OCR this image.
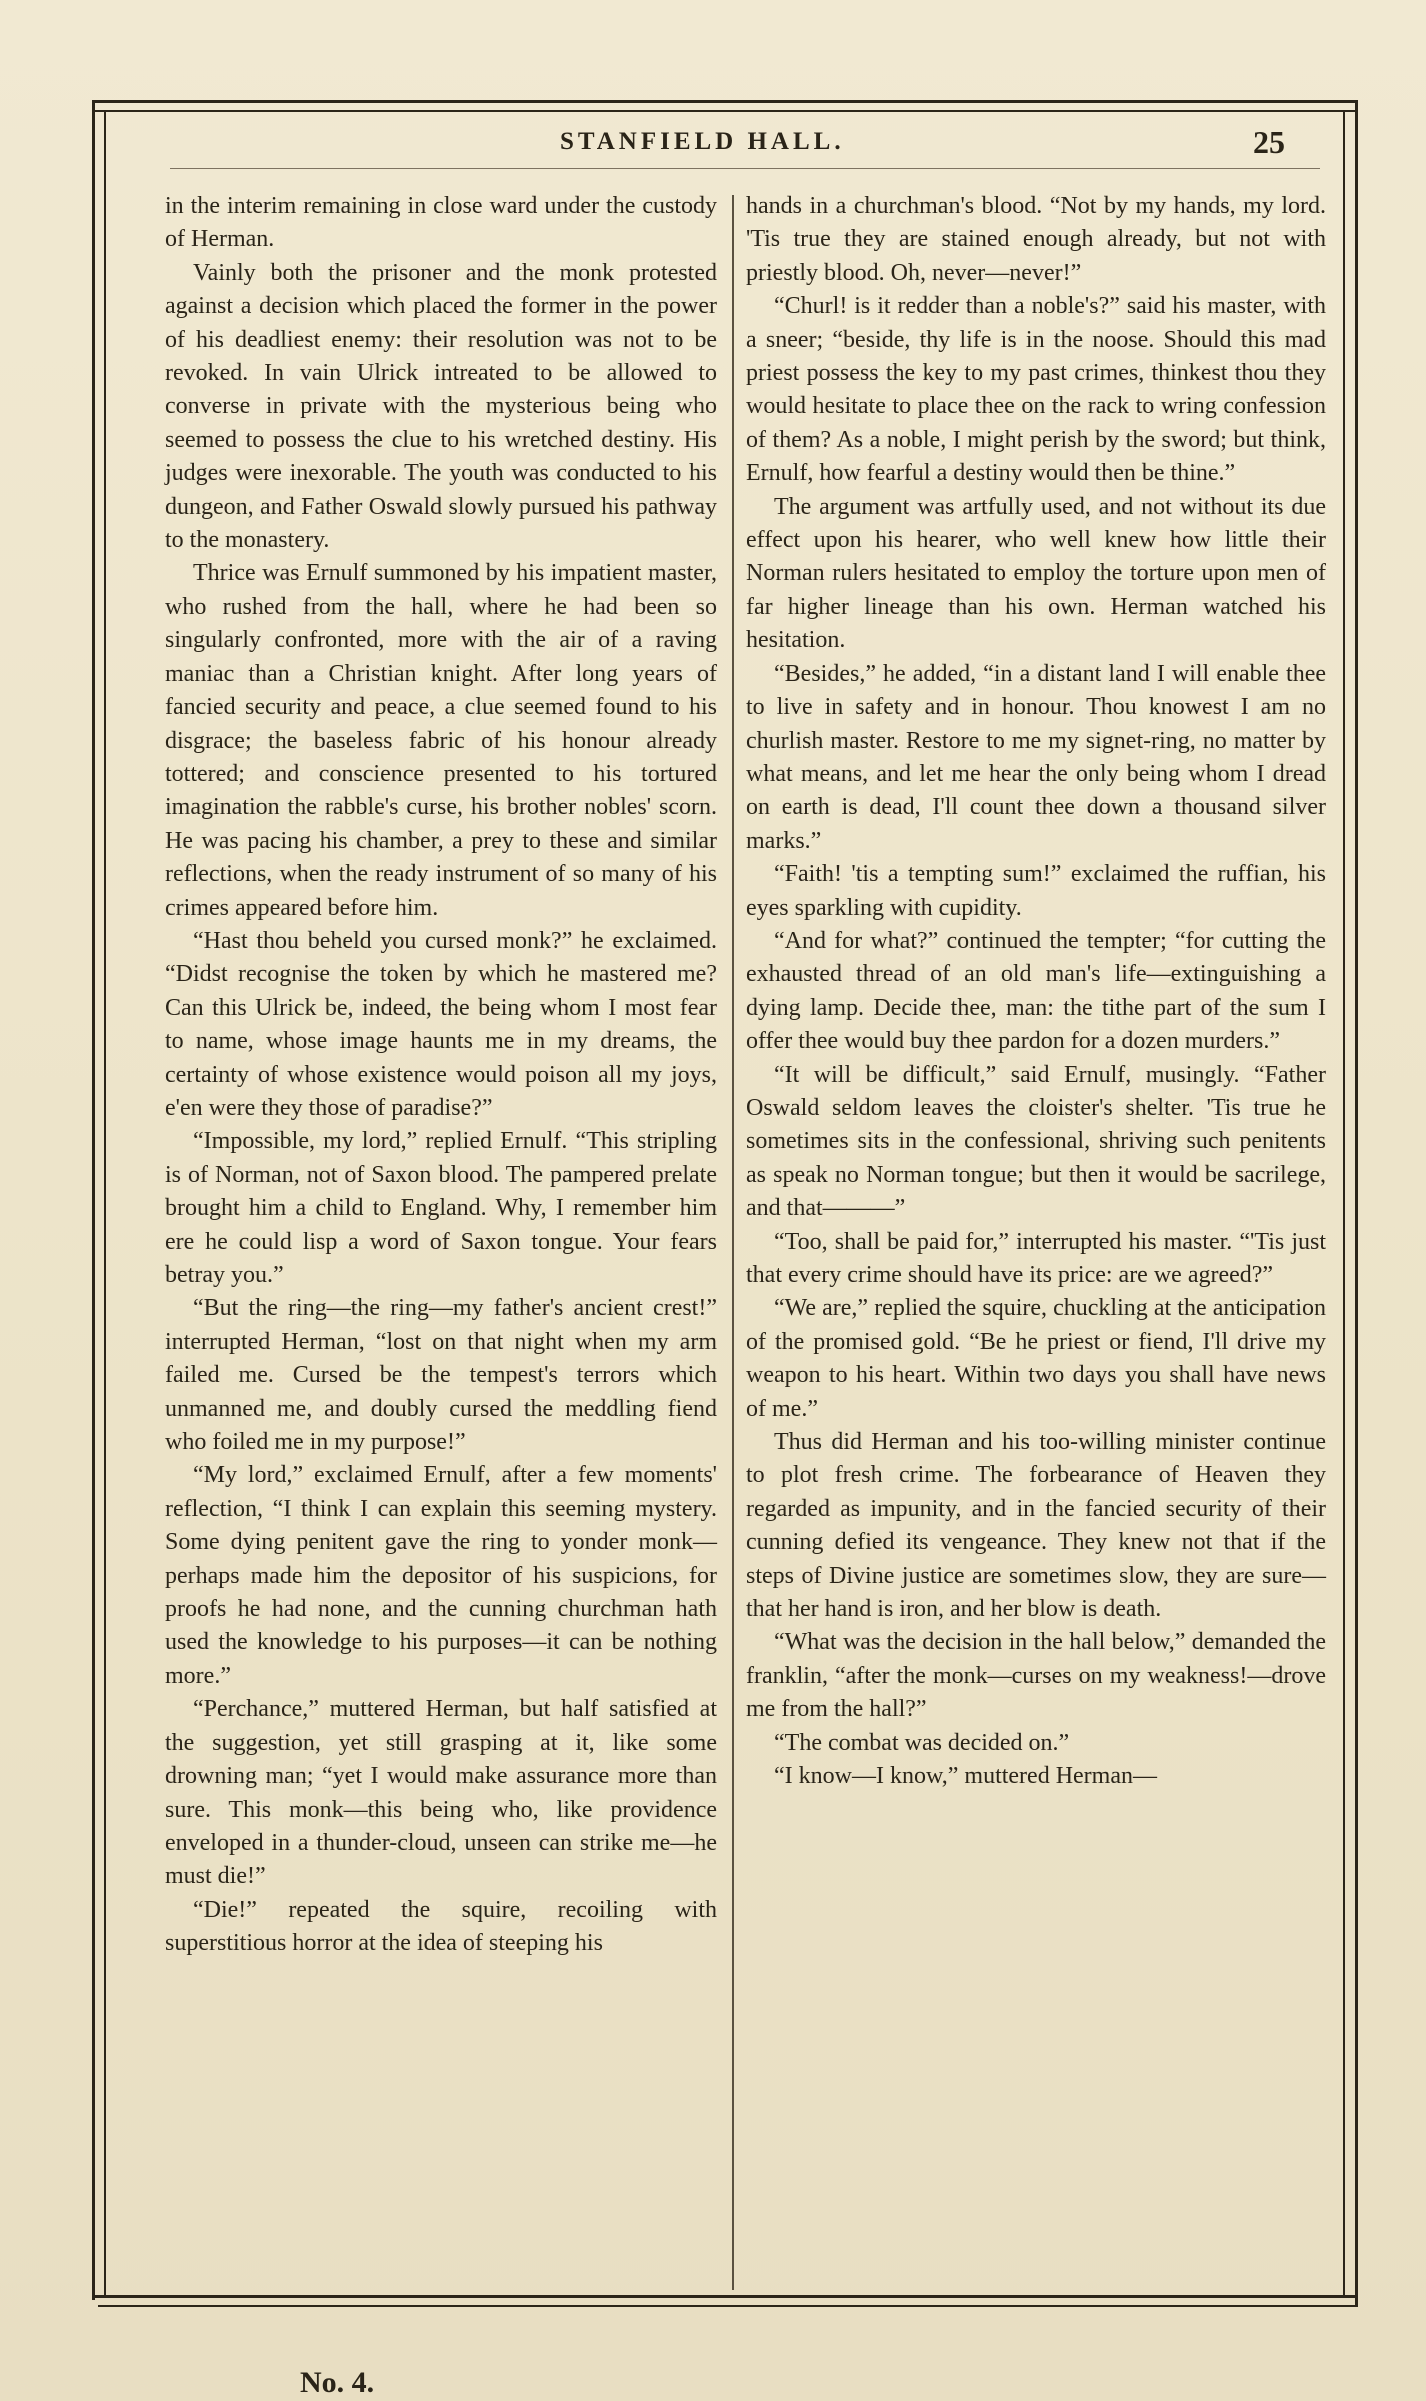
STANFIELD HALL.	25

in the interim remaining in close ward under the custody of Herman.

Vainly both the prisoner and the monk protested against a decision which placed the former in the power of his deadliest enemy: their resolution was not to be revoked. In vain Ulrick intreated to be allowed to converse in private with the mysterious being who seemed to possess the clue to his wretched destiny. His judges were inexorable. The youth was conducted to his dungeon, and Father Oswald slowly pursued his pathway to the monastery.

Thrice was Ernulf summoned by his impatient master, who rushed from the hall, where he had been so singularly confronted, more with the air of a raving maniac than a Christian knight. After long years of fancied security and peace, a clue seemed found to his disgrace; the baseless fabric of his honour already tottered; and conscience presented to his tortured imagination the rabble's curse, his brother nobles' scorn. He was pacing his chamber, a prey to these and similar reflections, when the ready instrument of so many of his crimes appeared before him.

“Hast thou beheld you cursed monk?” he exclaimed. “Didst recognise the token by which he mastered me? Can this Ulrick be, indeed, the being whom I most fear to name, whose image haunts me in my dreams, the certainty of whose existence would poison all my joys, e'en were they those of paradise?”

“Impossible, my lord,” replied Ernulf. “This stripling is of Norman, not of Saxon blood. The pampered prelate brought him a child to England. Why, I remember him ere he could lisp a word of Saxon tongue. Your fears betray you.”

“But the ring—the ring—my father's ancient crest!” interrupted Herman, “lost on that night when my arm failed me. Cursed be the tempest's terrors which unmanned me, and doubly cursed the meddling fiend who foiled me in my purpose!”

“My lord,” exclaimed Ernulf, after a few moments' reflection, “I think I can explain this seeming mystery. Some dying penitent gave the ring to yonder monk—perhaps made him the depositor of his suspicions, for proofs he had none, and the cunning churchman hath used the knowledge to his purposes—it can be nothing more.”

“Perchance,” muttered Herman, but half satisfied at the suggestion, yet still grasping at it, like some drowning man; “yet I would make assurance more than sure. This monk—this being who, like providence enveloped in a thunder-cloud, unseen can strike me—he must die!”

“Die!” repeated the squire, recoiling with superstitious horror at the idea of steeping his

hands in a churchman's blood. “Not by my hands, my lord. 'Tis true they are stained enough already, but not with priestly blood. Oh, never—never!”

“Churl! is it redder than a noble's?” said his master, with a sneer; “beside, thy life is in the noose. Should this mad priest possess the key to my past crimes, thinkest thou they would hesitate to place thee on the rack to wring confession of them? As a noble, I might perish by the sword; but think, Ernulf, how fearful a destiny would then be thine.”

The argument was artfully used, and not without its due effect upon his hearer, who well knew how little their Norman rulers hesitated to employ the torture upon men of far higher lineage than his own. Herman watched his hesitation.

“Besides,” he added, “in a distant land I will enable thee to live in safety and in honour. Thou knowest I am no churlish master. Restore to me my signet-ring, no matter by what means, and let me hear the only being whom I dread on earth is dead, I'll count thee down a thousand silver marks.”

“Faith! 'tis a tempting sum!” exclaimed the ruffian, his eyes sparkling with cupidity.

“And for what?” continued the tempter; “for cutting the exhausted thread of an old man's life—extinguishing a dying lamp. Decide thee, man: the tithe part of the sum I offer thee would buy thee pardon for a dozen murders.”

“It will be difficult,” said Ernulf, musingly. “Father Oswald seldom leaves the cloister's shelter. 'Tis true he sometimes sits in the confessional, shriving such penitents as speak no Norman tongue; but then it would be sacrilege, and that———”

“Too, shall be paid for,” interrupted his master. “'Tis just that every crime should have its price: are we agreed?”

“We are,” replied the squire, chuckling at the anticipation of the promised gold. “Be he priest or fiend, I'll drive my weapon to his heart. Within two days you shall have news of me.”

Thus did Herman and his too-willing minister continue to plot fresh crime. The forbearance of Heaven they regarded as impunity, and in the fancied security of their cunning defied its vengeance. They knew not that if the steps of Divine justice are sometimes slow, they are sure—that her hand is iron, and her blow is death.

“What was the decision in the hall below,” demanded the franklin, “after the monk—curses on my weakness!—drove me from the hall?”

“The combat was decided on.”

“I know—I know,” muttered Herman—

No. 4.
